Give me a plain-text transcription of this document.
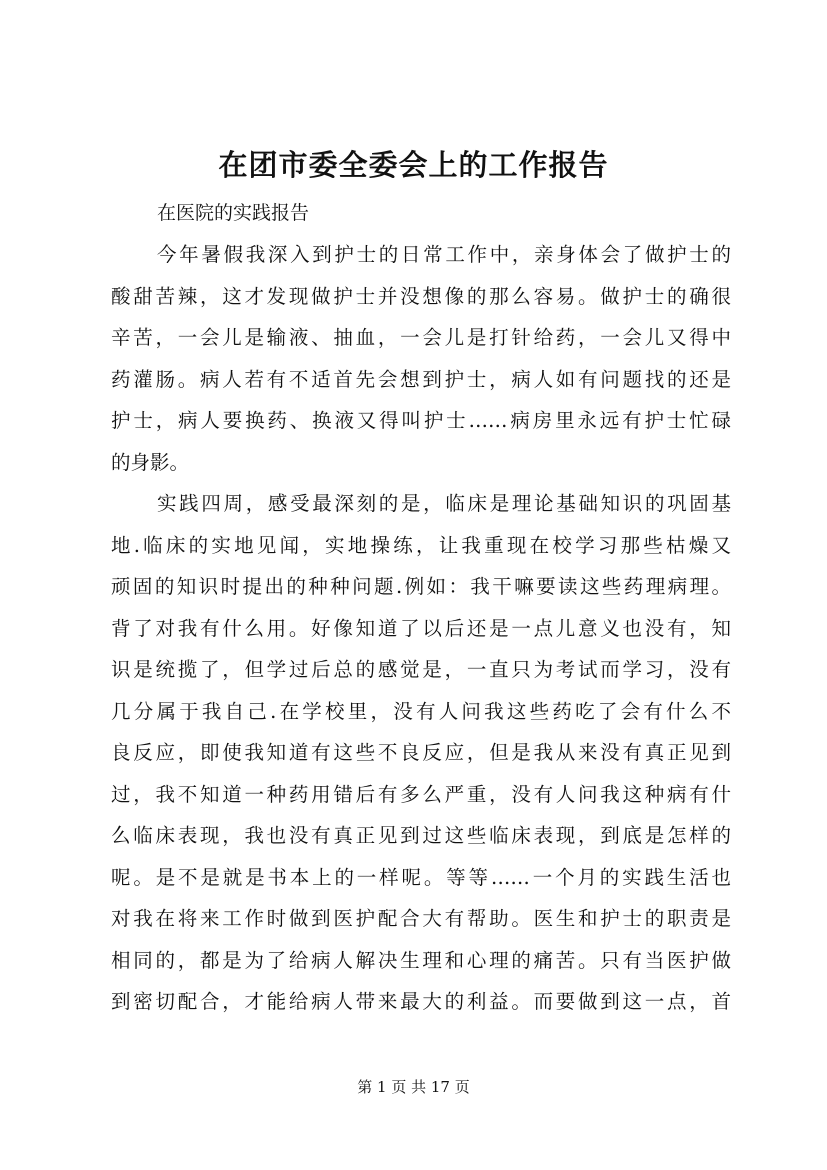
在团市委全委会上的工作报告
在医院的实践报告
今年暑假我深入到护士的日常工作中，亲身体会了做护士的
酸甜苦辣，这才发现做护士并没想像的那么容易。做护士的确很
辛苦，一会儿是输液、抽血，一会儿是打针给药，一会儿又得中
药灌肠。病人若有不适首先会想到护士，病人如有问题找的还是
护士，病人要换药、换液又得叫护士……病房里永远有护士忙碌
的身影。
实践四周，感受最深刻的是，临床是理论基础知识的巩固基
地.临床的实地见闻，实地操练，让我重现在校学习那些枯燥又
顽固的知识时提出的种种问题.例如：我干嘛要读这些药理病理。
背了对我有什么用。好像知道了以后还是一点儿意义也没有，知
识是统揽了，但学过后总的感觉是，一直只为考试而学习，没有
几分属于我自己.在学校里，没有人问我这些药吃了会有什么不
良反应，即使我知道有这些不良反应，但是我从来没有真正见到
过，我不知道一种药用错后有多么严重，没有人问我这种病有什
么临床表现，我也没有真正见到过这些临床表现，到底是怎样的
呢。是不是就是书本上的一样呢。等等……一个月的实践生活也
对我在将来工作时做到医护配合大有帮助。医生和护士的职责是
相同的，都是为了给病人解决生理和心理的痛苦。只有当医护做
到密切配合，才能给病人带来最大的利益。而要做到这一点，首
第 1 页 共 17 页
